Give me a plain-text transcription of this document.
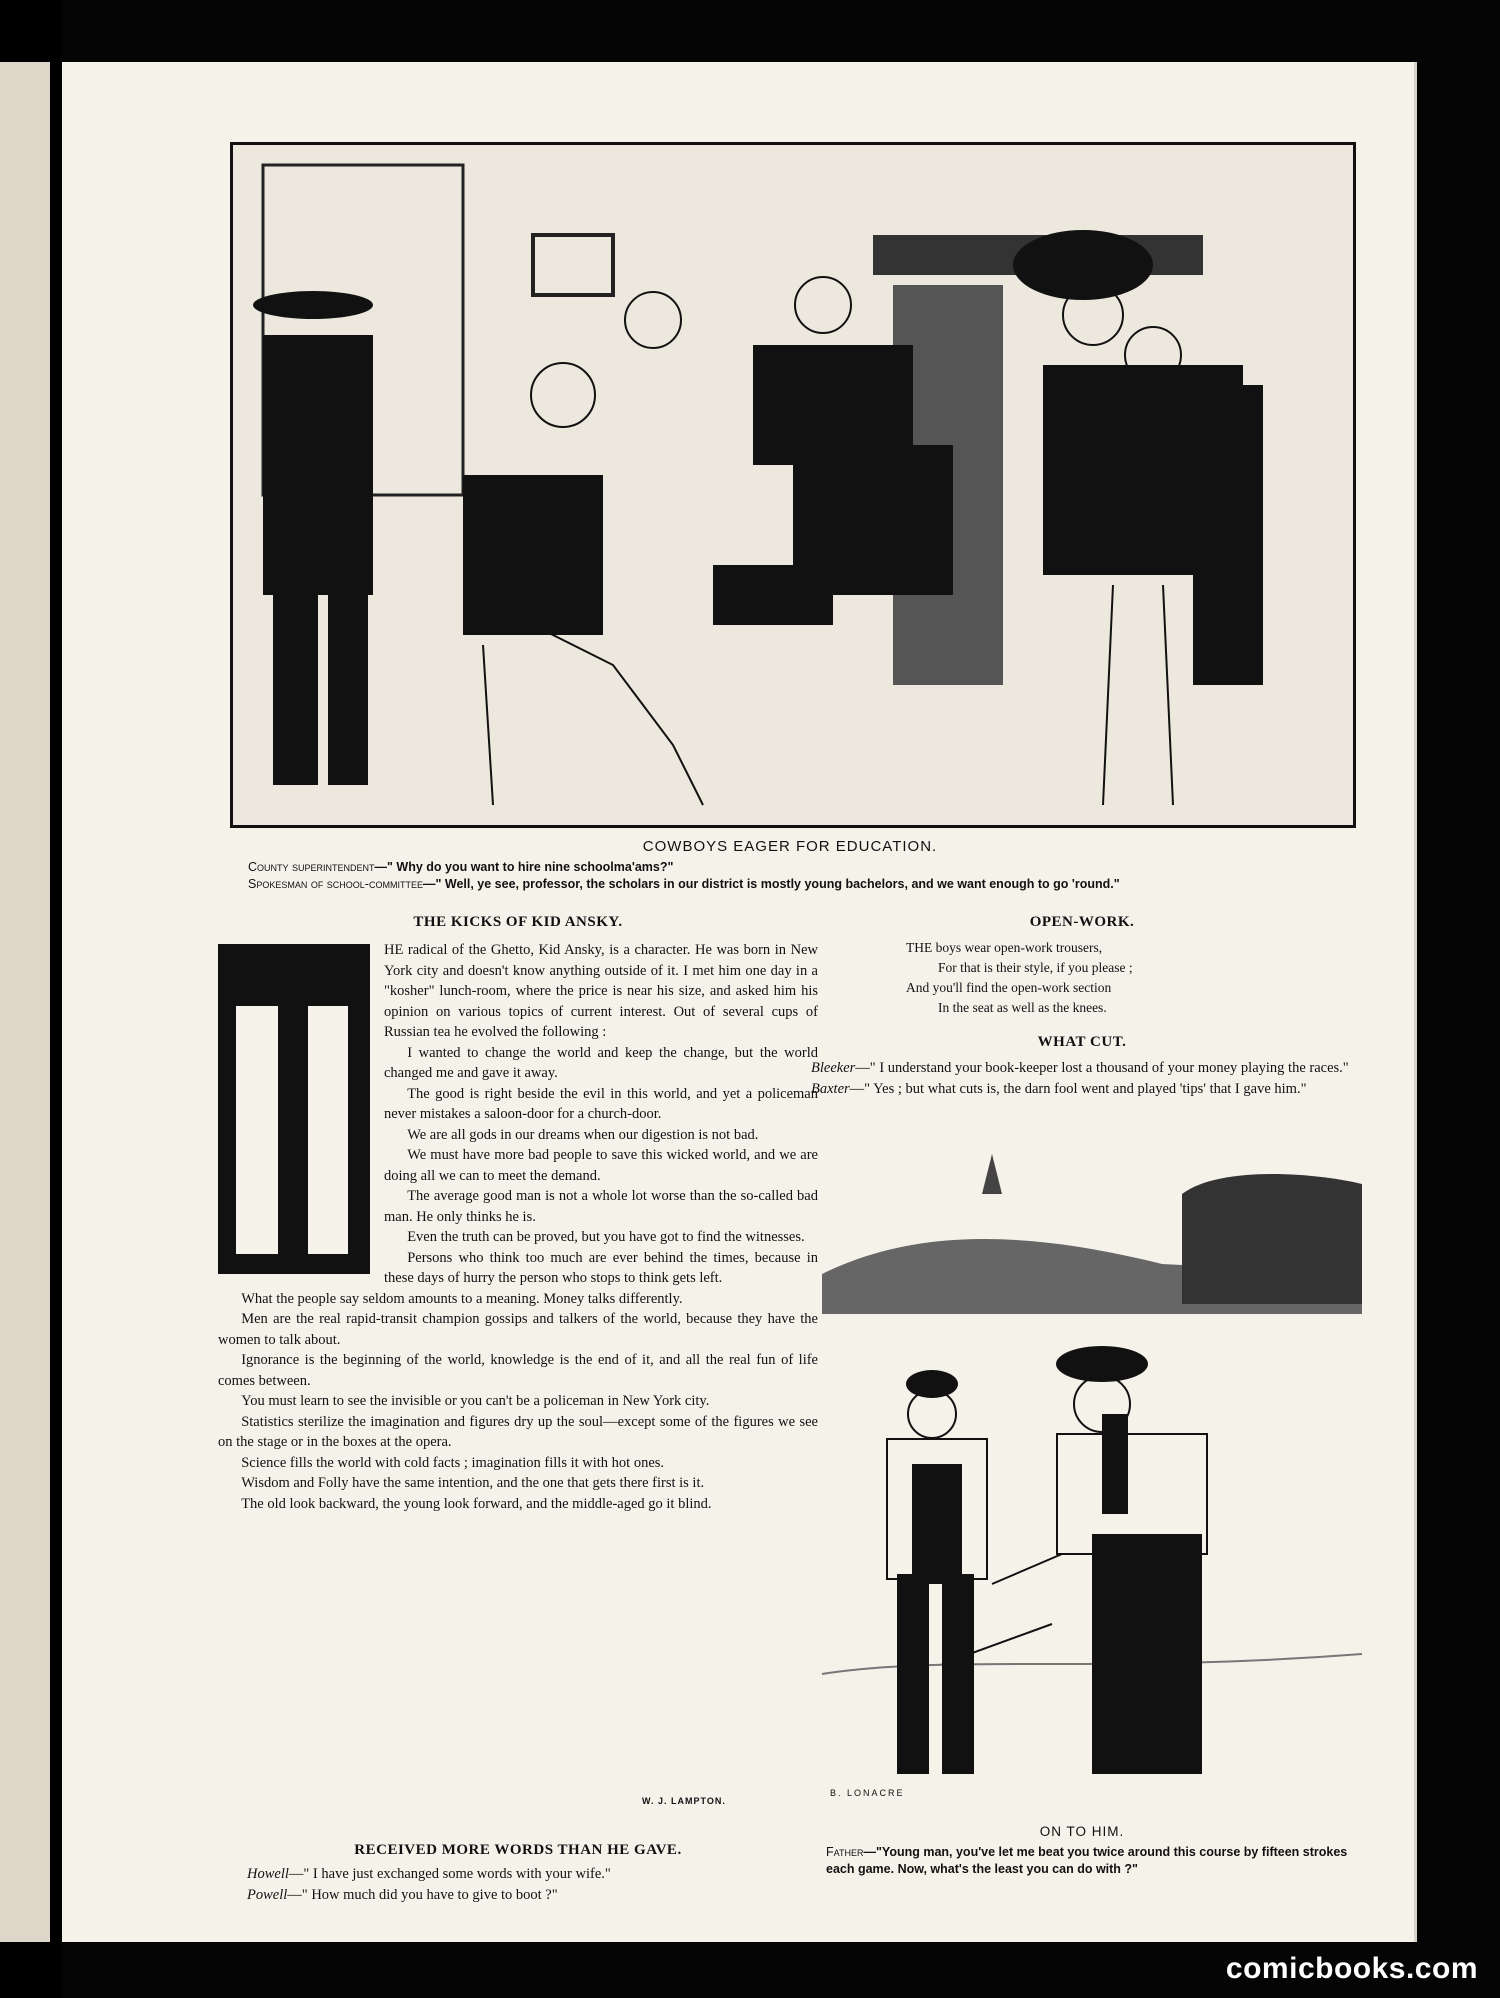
COWBOYS EAGER FOR EDUCATION.
County superintendent—" Why do you want to hire nine schoolma'ams?"
Spokesman of school-committee—" Well, ye see, professor, the scholars in our district is mostly young bachelors, and we want enough to go 'round."
THE KICKS OF KID ANSKY.

HE radical of the Ghetto, Kid Ansky, is a character. He was born in New York city and doesn't know anything outside of it. I met him one day in a "kosher" lunch-room, where the price is near his size, and asked him his opinion on various topics of current interest. Out of several cups of Russian tea he evolved the following :

I wanted to change the world and keep the change, but the world changed me and gave it away.

The good is right beside the evil in this world, and yet a policeman never mistakes a saloon-door for a church-door.

We are all gods in our dreams when our digestion is not bad.

We must have more bad people to save this wicked world, and we are doing all we can to meet the demand.

The average good man is not a whole lot worse than the so-called bad man. He only thinks he is.

Even the truth can be proved, but you have got to find the witnesses.

Persons who think too much are ever behind the times, because in these days of hurry the person who stops to think gets left.

What the people say seldom amounts to a meaning. Money talks differently.

Men are the real rapid-transit champion gossips and talkers of the world, because they have the women to talk about.

Ignorance is the beginning of the world, knowledge is the end of it, and all the real fun of life comes between.

You must learn to see the invisible or you can't be a policeman in New York city.

Statistics sterilize the imagination and figures dry up the soul—except some of the figures we see on the stage or in the boxes at the opera.

Science fills the world with cold facts ; imagination fills it with hot ones.

Wisdom and Folly have the same intention, and the one that gets there first is it.

The old look backward, the young look forward, and the middle-aged go it blind.

W. J. LAMPTON.
RECEIVED MORE WORDS THAN HE GAVE.

Howell—" I have just exchanged some words with your wife."

Powell—" How much did you have to give to boot ?"

OPEN-WORK.
THE boys wear open-work trousers,
For that is their style, if you please ;
And you'll find the open-work section
In the seat as well as the knees.
WHAT CUT.

Bleeker—" I understand your book-keeper lost a thousand of your money playing the races."

Baxter—" Yes ; but what cuts is, the darn fool went and played 'tips' that I gave him."

B. LONACRE
ON TO HIM.
Father—"Young man, you've let me beat you twice around this course by fifteen strokes each game. Now, what's the least you can do with ?"
comicbooks.com
